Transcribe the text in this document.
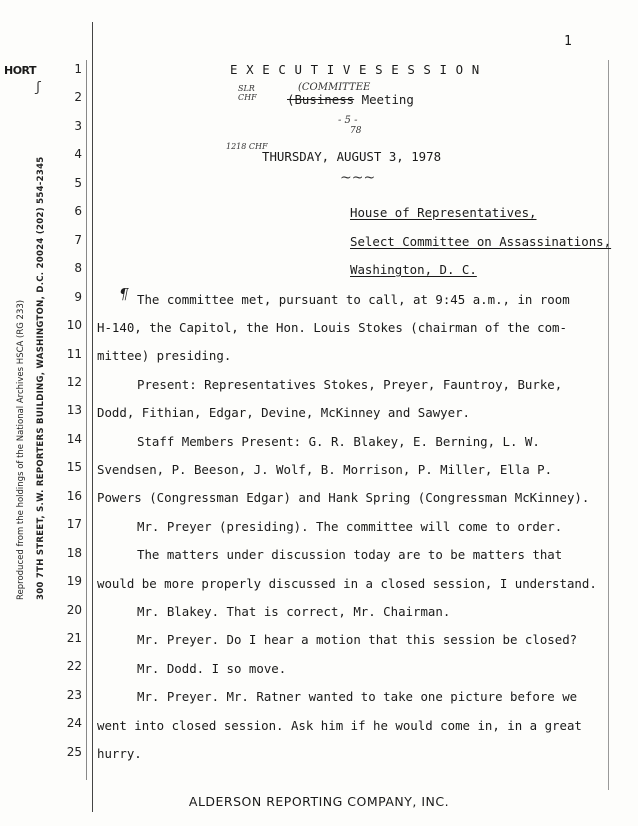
HORT
ʃ
Reproduced from the holdings of the National Archives HSCA (RG 233) 300 7TH STREET, S.W. REPORTERS BUILDING, WASHINGTON, D.C. 20024 (202) 554-2345
1
1
2
3
4
5
6
7
8
9
10
11
12
13
14
15
16
17
18
19
20
21
22
23
24
25
E X E C U T I V E S E S S I O N
SLR
CHF
(COMMITTEE
(Business Meeting
- 5 -
78
1218 CHF
THURSDAY, AUGUST 3, 1978
~~~
House of Representatives,
Select Committee on Assassinations,
Washington, D. C.
¶ The committee met, pursuant to call, at 9:45 a.m., in room
H-140, the Capitol, the Hon. Louis Stokes (chairman of the com-
mittee) presiding.
Present: Representatives Stokes, Preyer, Fauntroy, Burke,
Dodd, Fithian, Edgar, Devine, McKinney and Sawyer.
Staff Members Present: G. R. Blakey, E. Berning, L. W.
Svendsen, P. Beeson, J. Wolf, B. Morrison, P. Miller, Ella P.
Powers (Congressman Edgar) and Hank Spring (Congressman McKinney).
Mr. Preyer (presiding). The committee will come to order.
The matters under discussion today are to be matters that
would be more properly discussed in a closed session, I understand.
Mr. Blakey. That is correct, Mr. Chairman.
Mr. Preyer. Do I hear a motion that this session be closed?
Mr. Dodd. I so move.
Mr. Preyer. Mr. Ratner wanted to take one picture before we
went into closed session. Ask him if he would come in, in a great
hurry.
ALDERSON REPORTING COMPANY, INC.
